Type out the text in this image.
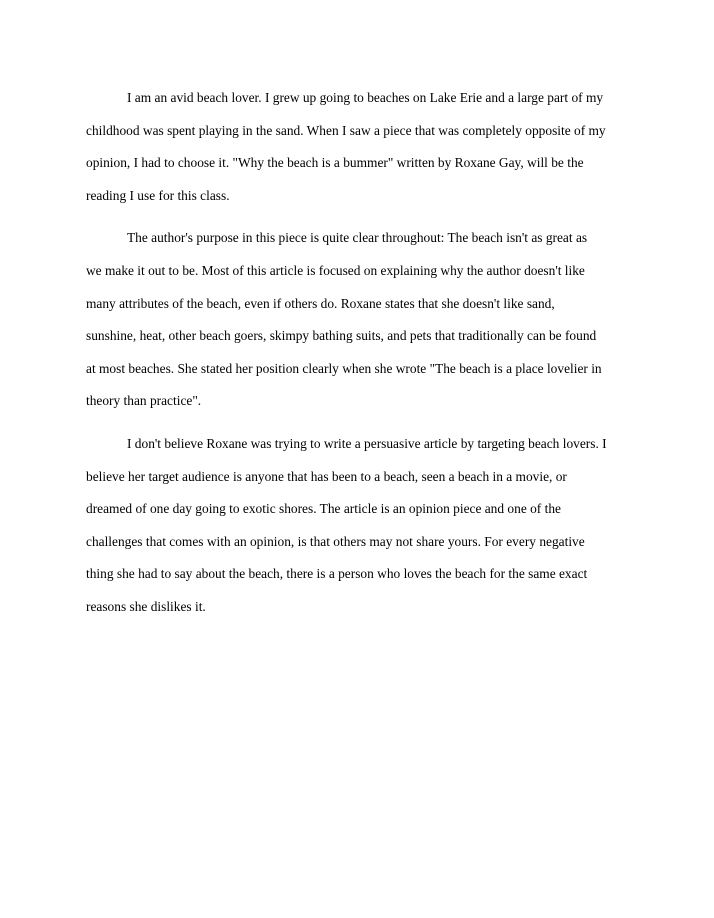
I am an avid beach lover. I grew up going to beaches on Lake Erie and a large part of my
childhood was spent playing in the sand. When I saw a piece that was completely opposite of my
opinion, I had to choose it. "Why the beach is a bummer" written by Roxane Gay, will be the
reading I use for this class.

The author's purpose in this piece is quite clear throughout: The beach isn't as great as
we make it out to be. Most of this article is focused on explaining why the author doesn't like
many attributes of the beach, even if others do. Roxane states that she doesn't like sand,
sunshine, heat, other beach goers, skimpy bathing suits, and pets that traditionally can be found
at most beaches. She stated her position clearly when she wrote "The beach is a place lovelier in
theory than practice".

I don't believe Roxane was trying to write a persuasive article by targeting beach lovers. I
believe her target audience is anyone that has been to a beach, seen a beach in a movie, or
dreamed of one day going to exotic shores. The article is an opinion piece and one of the
challenges that comes with an opinion, is that others may not share yours. For every negative
thing she had to say about the beach, there is a person who loves the beach for the same exact
reasons she dislikes it.
